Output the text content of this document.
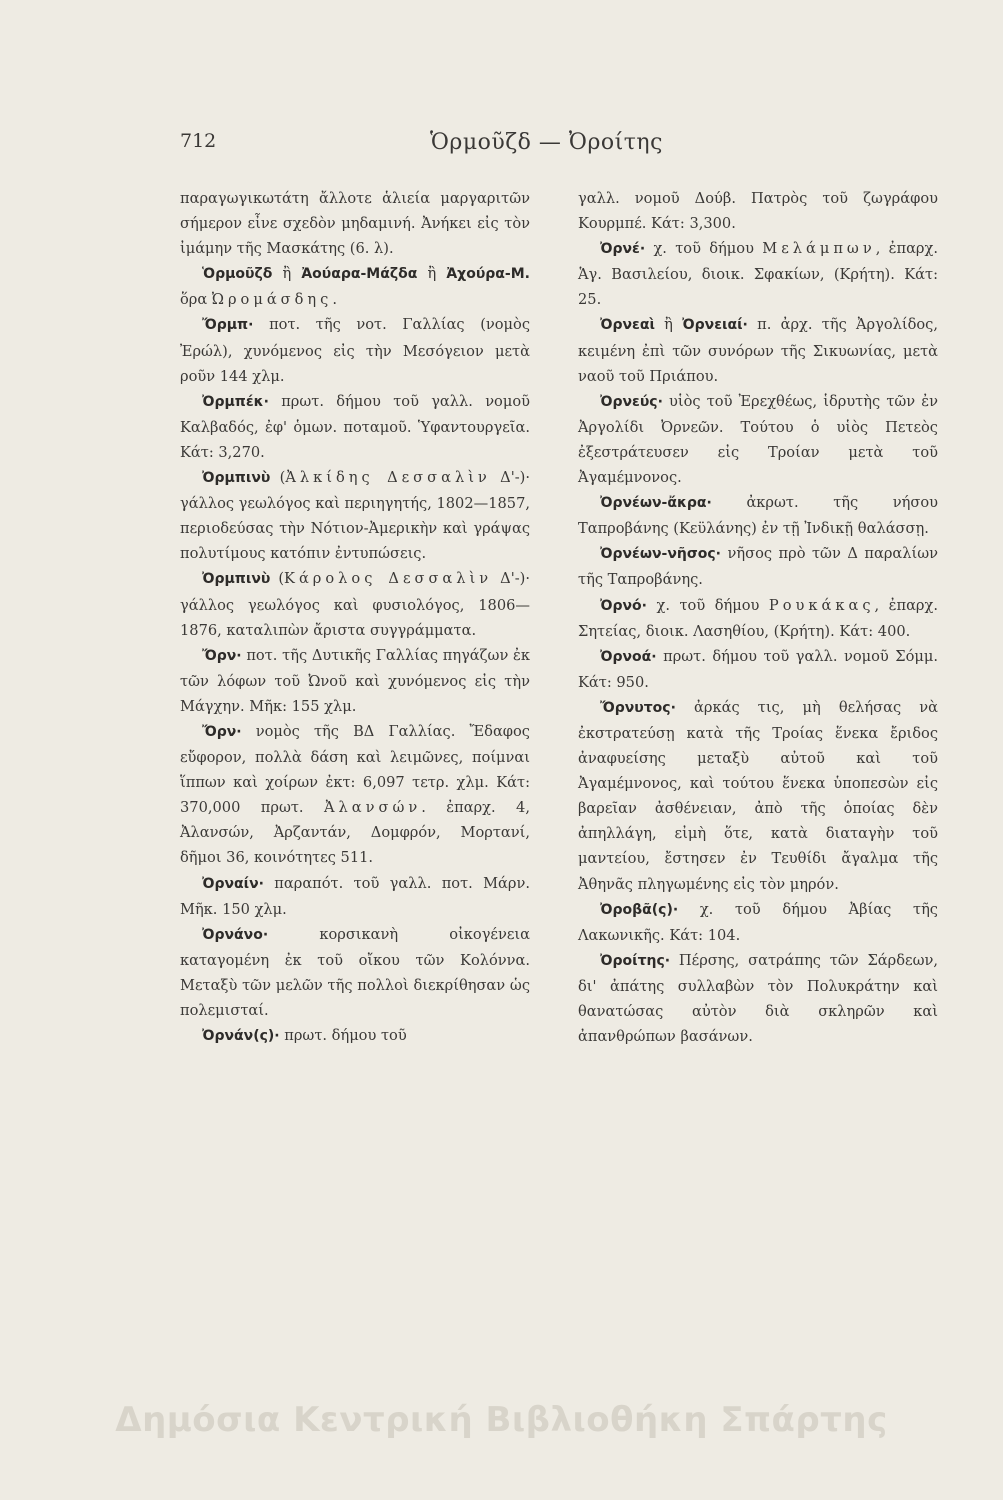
712	Ὁρμοῦζδ — Ὀροίτης

παραγωγικωτάτη ἄλλοτε ἁλιεία μαργαριτῶν σήμερον εἶνε σχεδὸν μηδαμινή. Ἀνήκει εἰς τὸν ἰμάμην τῆς Μασκάτης (6. λ).

Ὁρμοῦζδ ἢ Ἀούαρα-Μάζδα ἢ Ἀχούρα-Μ. ὅρα Ὠρομάσδης.

Ὄρμπ· ποτ. τῆς νοτ. Γαλλίας (νομὸς Ἐρώλ), χυνόμενος εἰς τὴν Μεσόγειον μετὰ ροῦν 144 χλμ.

Ὀρμπέκ· πρωτ. δήμου τοῦ γαλλ. νομοῦ Καλβαδός, ἐφ' ὁμων. ποταμοῦ. Ὑφαντουργεῖα. Κάτ: 3,270.

Ὀρμπινὺ (Ἀλκίδης Δεσσαλὶν Δ'-)· γάλλος γεωλόγος καὶ περιηγητής, 1802—1857, περιοδεύσας τὴν Νότιον-Ἀμερικὴν καὶ γράψας πολυτίμους κατόπιν ἐντυπώσεις.

Ὀρμπινὺ (Κάρολος Δεσσαλὶν Δ'-)· γάλλος γεωλόγος καὶ φυσιολόγος, 1806—1876, καταλιπὼν ἄριστα συγγράμματα.

Ὄρν· ποτ. τῆς Δυτικῆς Γαλλίας πηγάζων ἐκ τῶν λόφων τοῦ Ὠνοῦ καὶ χυνόμενος εἰς τὴν Μάγχην. Μῆκ: 155 χλμ.

Ὄρν· νομὸς τῆς ΒΔ Γαλλίας. Ἔδαφος εὔφορον, πολλὰ δάση καὶ λειμῶνες, ποίμναι ἵππων καὶ χοίρων ἐκτ: 6,097 τετρ. χλμ. Κάτ: 370,000 πρωτ. Ἀλανσών. ἐπαρχ. 4, Ἀλανσών, Ἀρζαντάν, Δομφρόν, Μορτανί, δῆμοι 36, κοινότητες 511.

Ὀρναίν· παραπότ. τοῦ γαλλ. ποτ. Μάρν. Μῆκ. 150 χλμ.

Ὀρνάνο· κορσικανὴ οἰκογένεια καταγομένη ἐκ τοῦ οἴκου τῶν Κολόννα. Μεταξὺ τῶν μελῶν τῆς πολλοὶ διεκρίθησαν ὡς πολεμισταί.

Ὀρνάν(ς)· πρωτ. δήμου τοῦ

γαλλ. νομοῦ Δούβ. Πατρὸς τοῦ ζωγράφου Κουρμπέ. Κάτ: 3,300.

Ὀρνέ· χ. τοῦ δήμου Μελάμπων, ἐπαρχ. Ἁγ. Βασιλείου, διοικ. Σφακίων, (Κρήτη). Κάτ: 25.

Ὀρνεαὶ ἢ Ὀρνειαί· π. ἀρχ. τῆς Ἀργολίδος, κειμένη ἐπὶ τῶν συνόρων τῆς Σικυωνίας, μετὰ ναοῦ τοῦ Πριάπου.

Ὀρνεύς· υἱὸς τοῦ Ἐρεχθέως, ἱδρυτὴς τῶν ἐν Ἀργολίδι Ὀρνεῶν. Τούτου ὁ υἱὸς Πετεὸς ἐξεστράτευσεν εἰς Τροίαν μετὰ τοῦ Ἀγαμέμνονος.

Ὀρνέων-ἄκρα· ἀκρωτ. τῆς νήσου Ταπροβάνης (Κεϋλάνης) ἐν τῇ Ἰνδικῇ θαλάσσῃ.

Ὀρνέων-νῆσος· νῆσος πρὸ τῶν Δ παραλίων τῆς Ταπροβάνης.

Ὀρνό· χ. τοῦ δήμου Ρουκάκας, ἐπαρχ. Σητείας, διοικ. Λασηθίου, (Κρήτη). Κάτ: 400.

Ὀρνοά· πρωτ. δήμου τοῦ γαλλ. νομοῦ Σόμμ. Κάτ: 950.

Ὄρνυτος· ἀρκάς τις, μὴ θελήσας νὰ ἐκστρατεύσῃ κατὰ τῆς Τροίας ἕνεκα ἔριδος ἀναφυείσης μεταξὺ αὐτοῦ καὶ τοῦ Ἀγαμέμνονος, καὶ τούτου ἕνεκα ὑποπεσὼν εἰς βαρεῖαν ἀσθένειαν, ἀπὸ τῆς ὁποίας δὲν ἀπηλλάγη, εἰμὴ ὅτε, κατὰ διαταγὴν τοῦ μαντείου, ἔστησεν ἐν Τευθίδι ἄγαλμα τῆς Ἀθηνᾶς πληγωμένης εἰς τὸν μηρόν.

Ὀροβᾶ(ς)· χ. τοῦ δήμου Ἀβίας τῆς Λακωνικῆς. Κάτ: 104.

Ὀροίτης· Πέρσης, σατράπης τῶν Σάρδεων, δι' ἀπάτης συλλαβὼν τὸν Πολυκράτην καὶ θανατώσας αὐτὸν διὰ σκληρῶν καὶ ἀπανθρώπων βασάνων.

Δημόσια Κεντρική Βιβλιοθήκη Σπάρτης
